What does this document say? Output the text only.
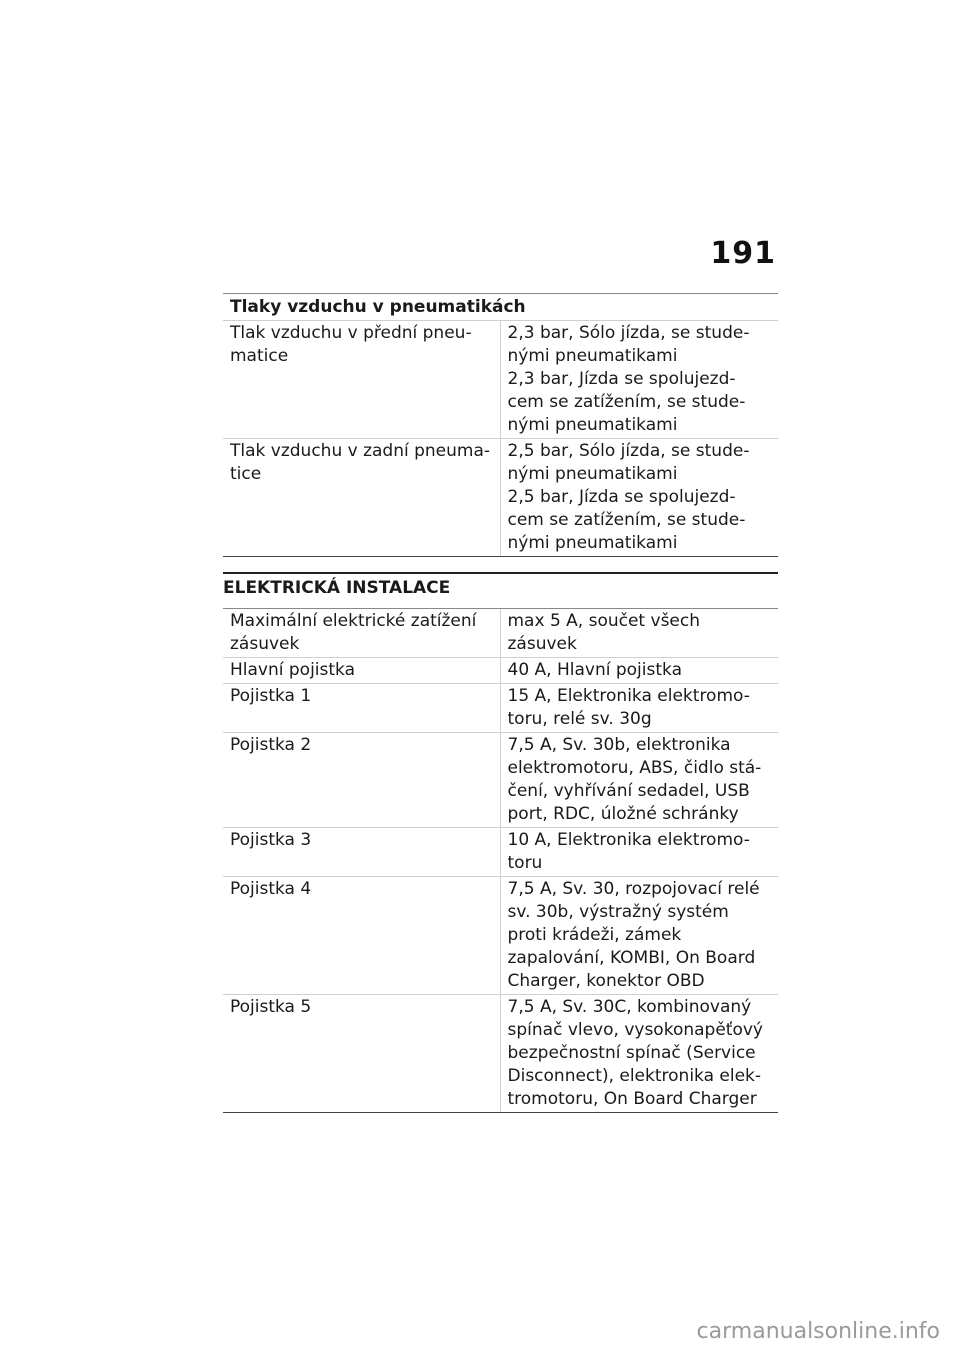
191
Tlaky vzduchu v pneumatikách	
Tlak vzduchu v přední pneu- matice	2,3 bar, Sólo jízda, se stude- nými pneumatikami
2,3 bar, Jízda se spolujezd- cem se zatížením, se stude- nými pneumatikami

Tlak vzduchu v zadní pneuma- tice	2,5 bar, Sólo jízda, se stude- nými pneumatikami
2,5 bar, Jízda se spolujezd- cem se zatížením, se stude- nými pneumatikami
ELEKTRICKÁ INSTALACE
Maximální elektrické zatížení zásuvek	max 5 A, součet všech zásuvek
Hlavní pojistka	40 A, Hlavní pojistka
Pojistka 1	15 A, Elektronika elektromo- toru, relé sv. 30g
Pojistka 2	7,5 A, Sv. 30b, elektronika elektromotoru, ABS, čidlo stá- čení, vyhřívání sedadel, USB port, RDC, úložné schránky
Pojistka 3	10 A, Elektronika elektromo- toru
Pojistka 4	7,5 A, Sv. 30, rozpojovací relé sv. 30b, výstražný systém proti krádeži, zámek zapalování, KOMBI, On Board Charger, konektor OBD
Pojistka 5	7,5 A, Sv. 30C, kombinovaný spínač vlevo, vysokonapěťový bezpečnostní spínač (Service Disconnect), elektronika elek- tromotoru, On Board Charger
carmanualsonline.info
